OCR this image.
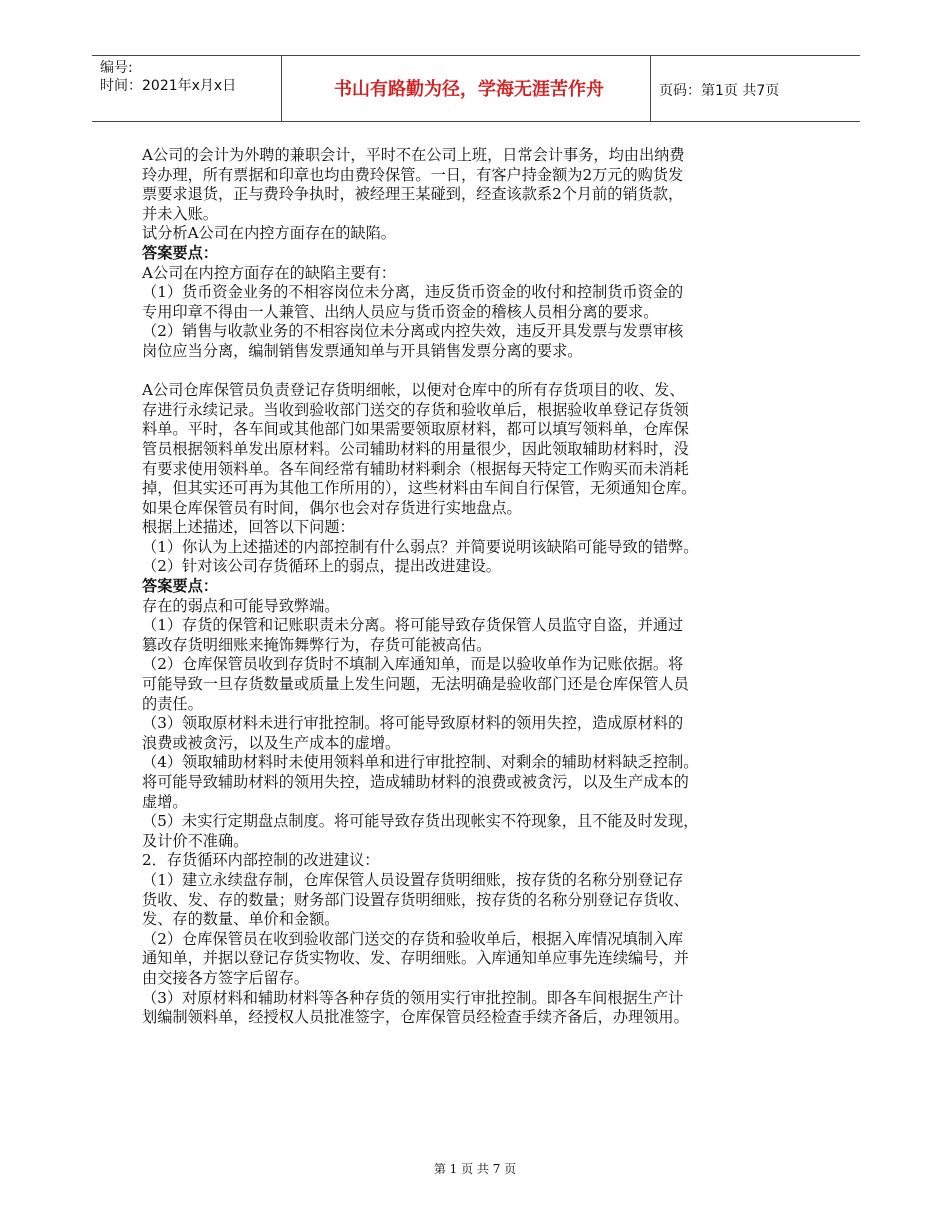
编号:
时间：2021年x月x日	书山有路勤为径，学海无涯苦作舟	页码：第1页 共7页

A公司的会计为外聘的兼职会计，平时不在公司上班，日常会计事务，均由出纳费

玲办理，所有票据和印章也均由费玲保管。一日，有客户持金额为2万元的购货发

票要求退货，正与费玲争执时，被经理王某碰到，经查该款系2个月前的销货款，

并未入账。

试分析A公司在内控方面存在的缺陷。

答案要点：

A公司在内控方面存在的缺陷主要有：

（1）货币资金业务的不相容岗位未分离，违反货币资金的收付和控制货币资金的

专用印章不得由一人兼管、出纳人员应与货币资金的稽核人员相分离的要求。

（2）销售与收款业务的不相容岗位未分离或内控失效，违反开具发票与发票审核

岗位应当分离，编制销售发票通知单与开具销售发票分离的要求。

A公司仓库保管员负责登记存货明细帐，以便对仓库中的所有存货项目的收、发、

存进行永续记录。当收到验收部门送交的存货和验收单后，根据验收单登记存货领

料单。平时，各车间或其他部门如果需要领取原材料，都可以填写领料单，仓库保

管员根据领料单发出原材料。公司辅助材料的用量很少，因此领取辅助材料时，没

有要求使用领料单。各车间经常有辅助材料剩余（根据每天特定工作购买而未消耗

掉，但其实还可再为其他工作所用的），这些材料由车间自行保管，无须通知仓库。

如果仓库保管员有时间，偶尔也会对存货进行实地盘点。

根据上述描述，回答以下问题：

（1）你认为上述描述的内部控制有什么弱点？并简要说明该缺陷可能导致的错弊。

（2）针对该公司存货循环上的弱点，提出改进建设。

答案要点：

存在的弱点和可能导致弊端。

（1）存货的保管和记账职责未分离。将可能导致存货保管人员监守自盗，并通过

篡改存货明细账来掩饰舞弊行为，存货可能被高估。

（2）仓库保管员收到存货时不填制入库通知单，而是以验收单作为记账依据。将

可能导致一旦存货数量或质量上发生问题，无法明确是验收部门还是仓库保管人员

的责任。

（3）领取原材料未进行审批控制。将可能导致原材料的领用失控，造成原材料的

浪费或被贪污，以及生产成本的虚增。

（4）领取辅助材料时未使用领料单和进行审批控制、对剩余的辅助材料缺乏控制。

将可能导致辅助材料的领用失控，造成辅助材料的浪费或被贪污，以及生产成本的

虚增。

（5）未实行定期盘点制度。将可能导致存货出现帐实不符现象，且不能及时发现，

及计价不准确。

2．存货循环内部控制的改进建议：

（1）建立永续盘存制，仓库保管人员设置存货明细账，按存货的名称分别登记存

货收、发、存的数量；财务部门设置存货明细账，按存货的名称分别登记存货收、

发、存的数量、单价和金额。

（2）仓库保管员在收到验收部门送交的存货和验收单后，根据入库情况填制入库

通知单，并据以登记存货实物收、发、存明细账。入库通知单应事先连续编号，并

由交接各方签字后留存。

（3）对原材料和辅助材料等各种存货的领用实行审批控制。即各车间根据生产计

划编制领料单，经授权人员批准签字，仓库保管员经检查手续齐备后，办理领用。

第 1 页 共 7 页
